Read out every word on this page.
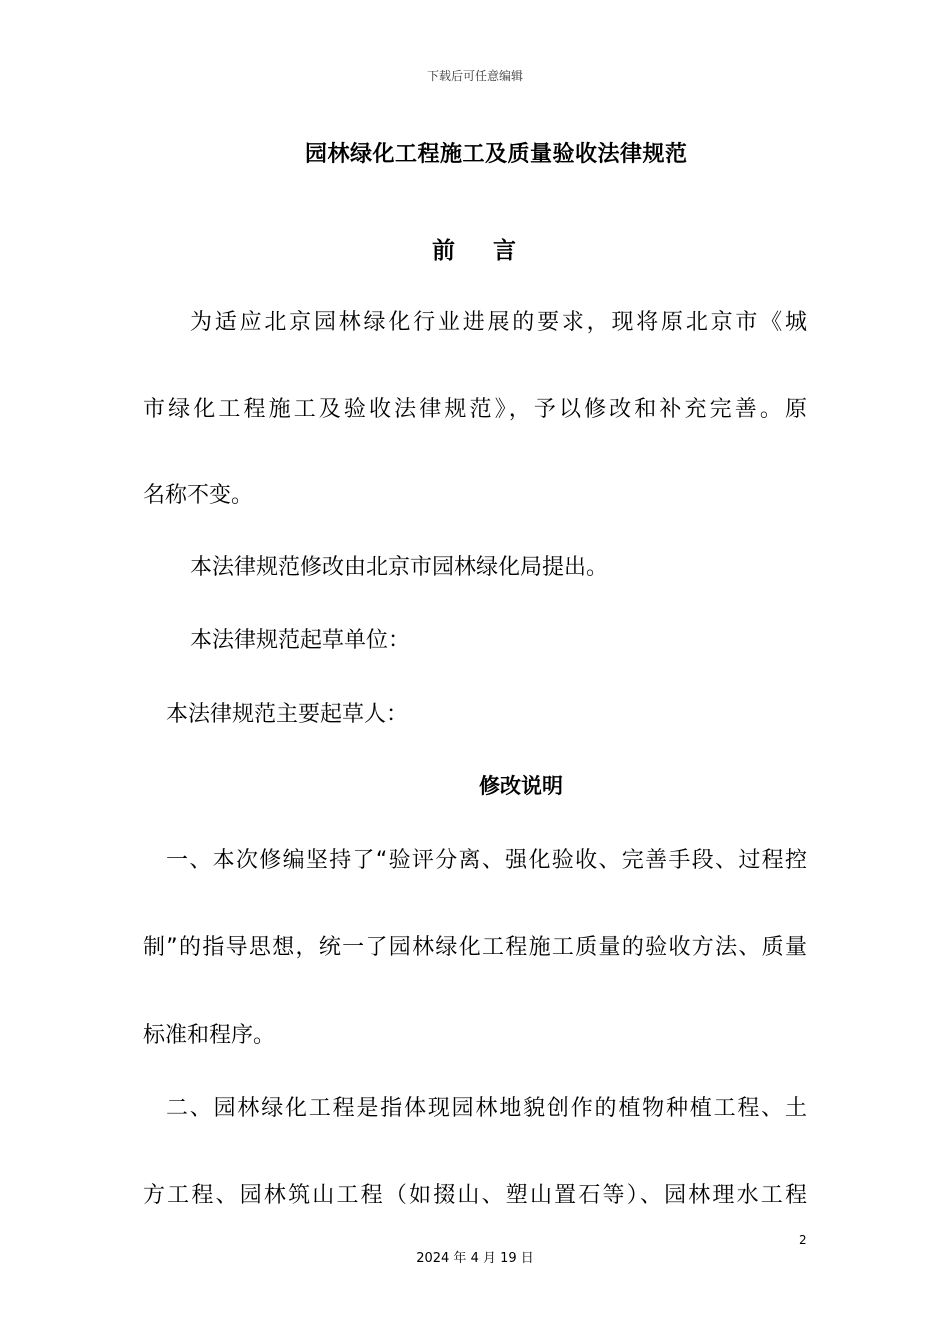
下载后可任意编辑
园林绿化工程施工及质量验收法律规范
前言
为适应北京园林绿化行业进展的要求，现将原北京市《城
市绿化工程施工及验收法律规范》，予以修改和补充完善。原
名称不变。
本法律规范修改由北京市园林绿化局提出。
本法律规范起草单位：
本法律规范主要起草人：
修改说明
一、本次修编坚持了“验评分离、强化验收、完善手段、过程控
制”的指导思想，统一了园林绿化工程施工质量的验收方法、质量
标准和程序。
二、园林绿化工程是指体现园林地貌创作的植物种植工程、土
方工程、园林筑山工程（如掇山、塑山置石等）、园林理水工程
2
2024 年 4 月 19 日
